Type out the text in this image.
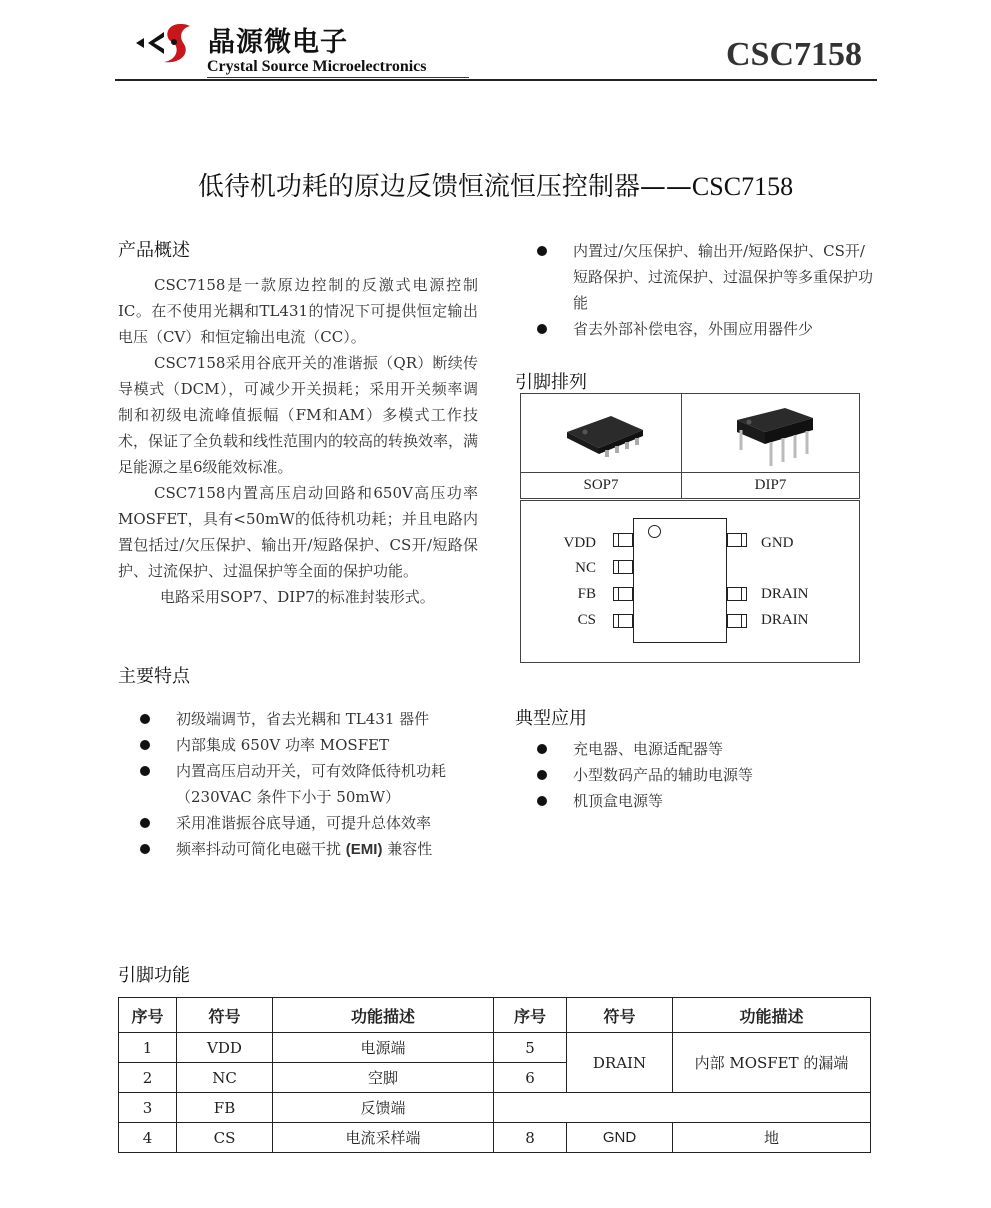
晶源微电子
Crystal Source Microelectronics	CSC7158
低待机功耗的原边反馈恒流恒压控制器——CSC7158
产品概述

CSC7158是一款原边控制的反激式电源控制IC。在不使用光耦和TL431的情况下可提供恒定输出电压（CV）和恒定输出电流（CC）。

CSC7158采用谷底开关的准谐振（QR）断续传导模式（DCM），可减少开关损耗；采用开关频率调制和初级电流峰值振幅（FM和AM）多模式工作技术，保证了全负载和线性范围内的较高的转换效率，满足能源之星6级能效标准。

CSC7158内置高压启动回路和650V高压功率MOSFET，具有<50mW的低待机功耗；并且电路内置包括过/欠压保护、输出开/短路保护、CS开/短路保护、过流保护、过温保护等全面的保护功能。

电路采用SOP7、DIP7的标准封装形式。

主要特点
初级端调节，省去光耦和 TL431 器件
内部集成 650V 功率 MOSFET
内置高压启动开关，可有效降低待机功耗（230VAC 条件下小于 50mW）
采用准谐振谷底导通，可提升总体效率
频率抖动可简化电磁干扰 (EMI) 兼容性
内置过/欠压保护、输出开/短路保护、CS开/短路保护、过流保护、过温保护等多重保护功能
省去外部补偿电容，外围应用器件少
引脚排列
SOP7	DIP7
VDD
NC
FB
CS
GND
DRAIN
DRAIN
典型应用
充电器、电源适配器等
小型数码产品的辅助电源等
机顶盒电源等
引脚功能
序号	符号	功能描述	序号	符号	功能描述
1	VDD	电源端	5	DRAIN	内部 MOSFET 的漏端
2	NC	空脚	6		
3	FB	反馈端			
4	CS	电流采样端	8	GND	地
